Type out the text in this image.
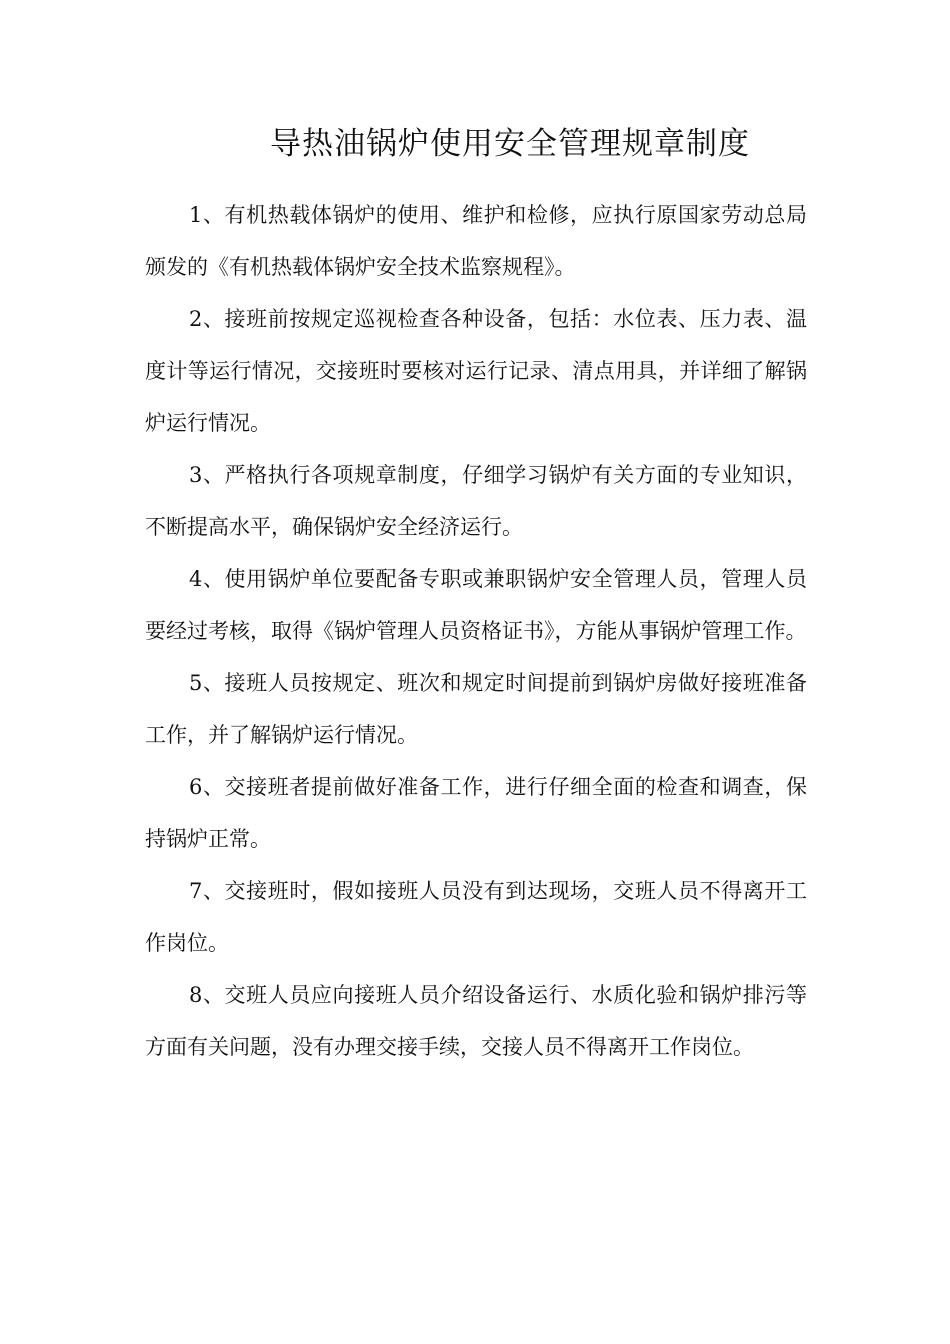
导热油锅炉使用安全管理规章制度

1、有机热载体锅炉的使用、维护和检修，应执行原国家劳动总局颁发的《有机热载体锅炉安全技术监察规程》。

2、接班前按规定巡视检查各种设备，包括：水位表、压力表、温度计等运行情况，交接班时要核对运行记录、清点用具，并详细了解锅炉运行情况。

3、严格执行各项规章制度，仔细学习锅炉有关方面的专业知识，不断提高水平，确保锅炉安全经济运行。

4、使用锅炉单位要配备专职或兼职锅炉安全管理人员，管理人员要经过考核，取得《锅炉管理人员资格证书》，方能从事锅炉管理工作。

5、接班人员按规定、班次和规定时间提前到锅炉房做好接班准备工作，并了解锅炉运行情况。

6、交接班者提前做好准备工作，进行仔细全面的检查和调查，保持锅炉正常。

7、交接班时，假如接班人员没有到达现场，交班人员不得离开工作岗位。

8、交班人员应向接班人员介绍设备运行、水质化验和锅炉排污等方面有关问题，没有办理交接手续，交接人员不得离开工作岗位。
